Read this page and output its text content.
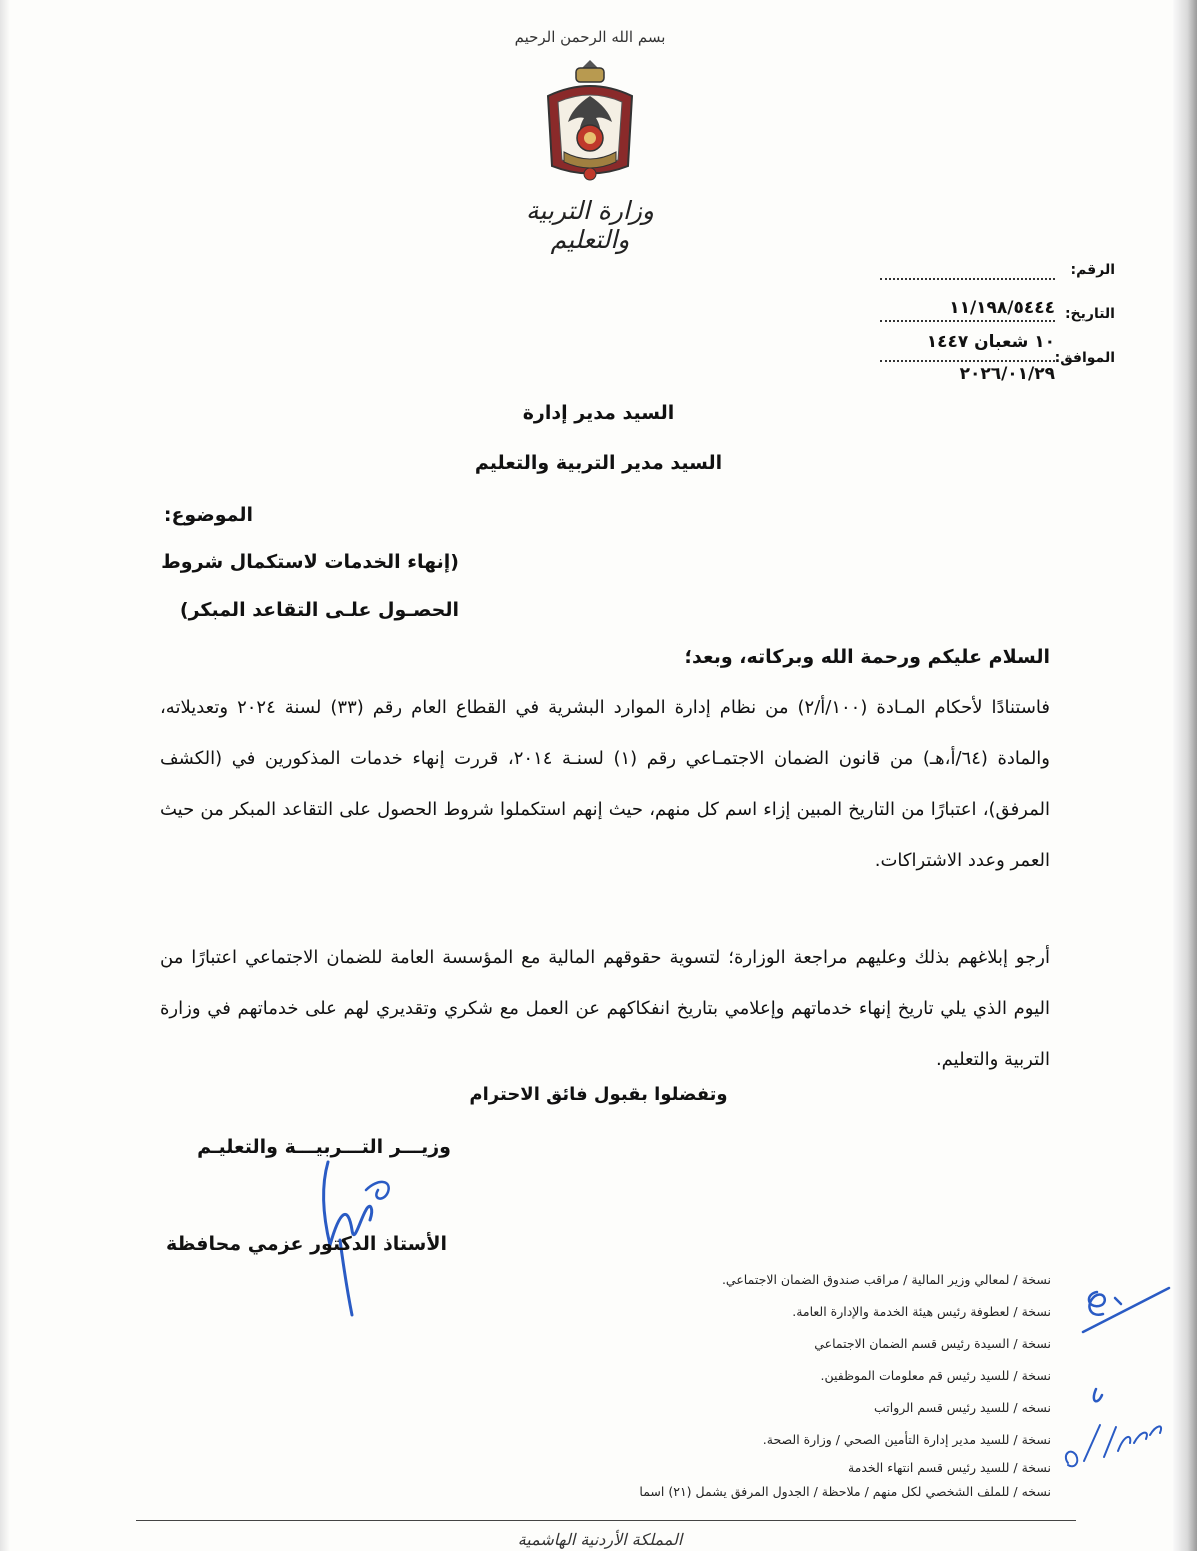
بسم الله الرحمن الرحيم
وزارة التربية والتعليم
الرقم:
التاريخ:
١١/١٩٨/٥٤٤٤
الموافق:
١٠ شعبان ١٤٤٧
٢٠٢٦/٠١/٢٩
السيد مدير إدارة
السيد مدير التربية والتعليم
الموضوع:
(إنهاء الخدمات لاستكمال شروط
الحصـول علـى التقاعد المبكر)
السلام عليكم ورحمة الله وبركاته، وبعد؛
فاستنادًا لأحكام المـادة (١٠٠/أ/٢) من نظام إدارة الموارد البشرية في القطاع العام رقم (٣٣) لسنة ٢٠٢٤ وتعديلاته، والمادة (٦٤/أ،هـ) من قانون الضمان الاجتمـاعي رقم (١) لسنـة ٢٠١٤، قررت إنهاء خدمات المذكورين في (الكشف المرفق)، اعتبارًا من التاريخ المبين إزاء اسم كل منهم، حيث إنهم استكملوا شروط الحصول على التقاعد المبكر من حيث العمر وعدد الاشتراكات.
أرجو إبلاغهم بذلك وعليهم مراجعة الوزارة؛ لتسوية حقوقهم المالية مع المؤسسة العامة للضمان الاجتماعي اعتبارًا من اليوم الذي يلي تاريخ إنهاء خدماتهم وإعلامي بتاريخ انفكاكهم عن العمل مع شكري وتقديري لهم على خدماتهم في وزارة التربية والتعليم.
وتفضلوا بقبول فائق الاحترام
وزيـــر التـــربيـــة والتعليـم
الأستاذ الدكتور عزمي محافظة
نسخة / لمعالي وزير المالية / مراقب صندوق الضمان الاجتماعي.
نسخة / لعطوفة رئيس هيئة الخدمة والإدارة العامة.
نسخة / السيدة رئيس قسم الضمان الاجتماعي
نسخة / للسيد رئيس قم معلومات الموظفين.
نسخه / للسيد رئيس قسم الرواتب
نسخة / للسيد مدير إدارة التأمين الصحي / وزارة الصحة.
نسخة / للسيد رئيس قسم انتهاء الخدمة
نسخه / للملف الشخصي لكل منهم / ملاحظة / الجدول المرفق يشمل (٢١) اسما
المملكة الأردنية الهاشمية
